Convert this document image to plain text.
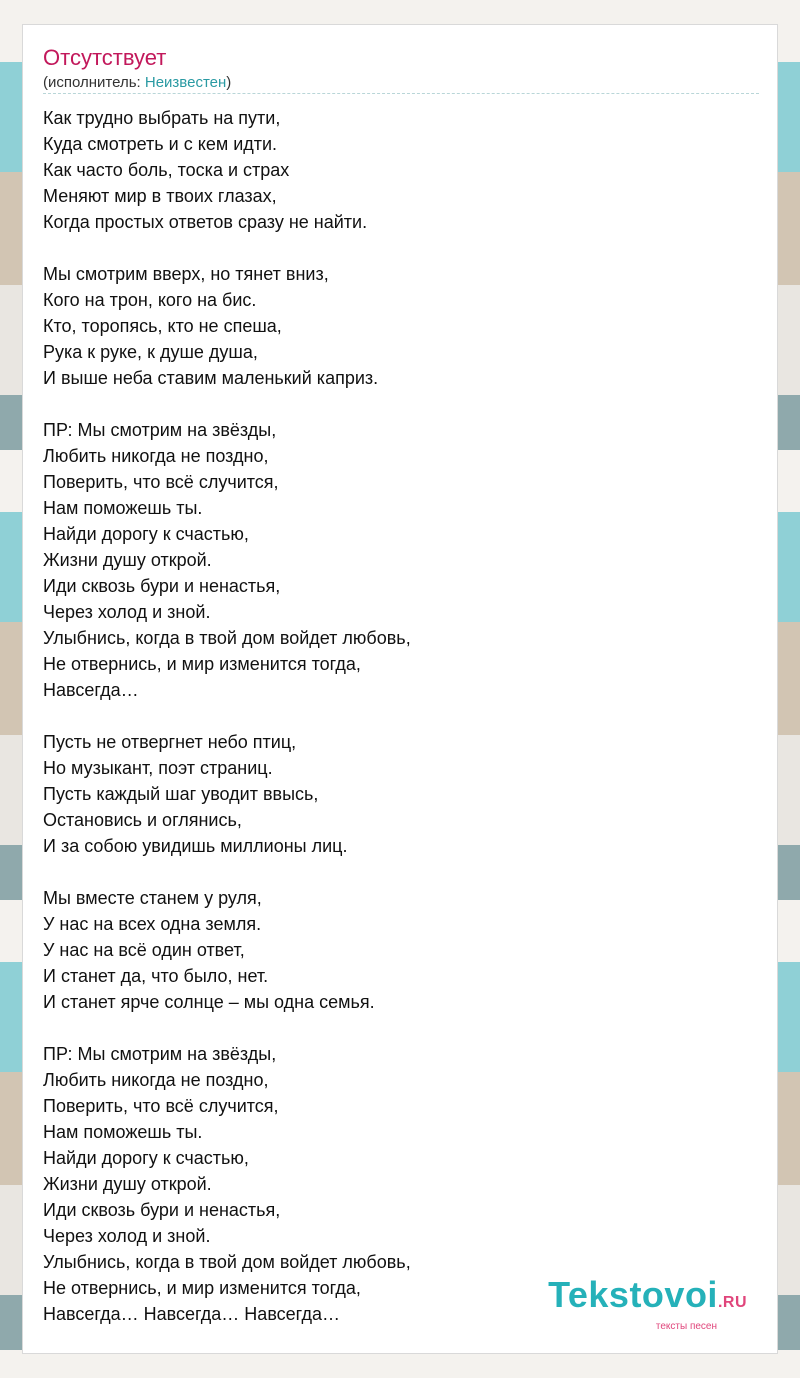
Отсутствует
(исполнитель: Неизвестен)
Как трудно выбрать на пути,
Куда смотреть и с кем идти.
Как часто боль, тоска и страх
Меняют мир в твоих глазах,
Когда простых ответов сразу не найти.
Мы смотрим вверх, но тянет вниз,
Кого на трон, кого на бис.
Кто, торопясь, кто не спеша,
Рука к руке, к душе душа,
И выше неба ставим маленький каприз.
ПР: Мы смотрим на звёзды,
Любить никогда не поздно,
Поверить, что всё случится,
Нам поможешь ты.
Найди дорогу к счастью,
Жизни душу открой.
Иди сквозь бури и ненастья,
Через холод и зной.
Улыбнись, когда в твой дом войдет любовь,
Не отвернись, и мир изменится тогда,
Навсегда…
Пусть не отвергнет небо птиц,
Но музыкант, поэт страниц.
Пусть каждый шаг уводит ввысь,
Остановись и оглянись,
И за собою увидишь миллионы лиц.
Мы вместе станем у руля,
У нас на всех одна земля.
У нас на всё один ответ,
И станет да, что было, нет.
И станет ярче солнце – мы одна семья.
ПР: Мы смотрим на звёзды,
Любить никогда не поздно,
Поверить, что всё случится,
Нам поможешь ты.
Найди дорогу к счастью,
Жизни душу открой.
Иди сквозь бури и ненастья,
Через холод и зной.
Улыбнись, когда в твой дом войдет любовь,
Не отвернись, и мир изменится тогда,
Навсегда… Навсегда… Навсегда…	Tekstovoi.RU
тексты песен
